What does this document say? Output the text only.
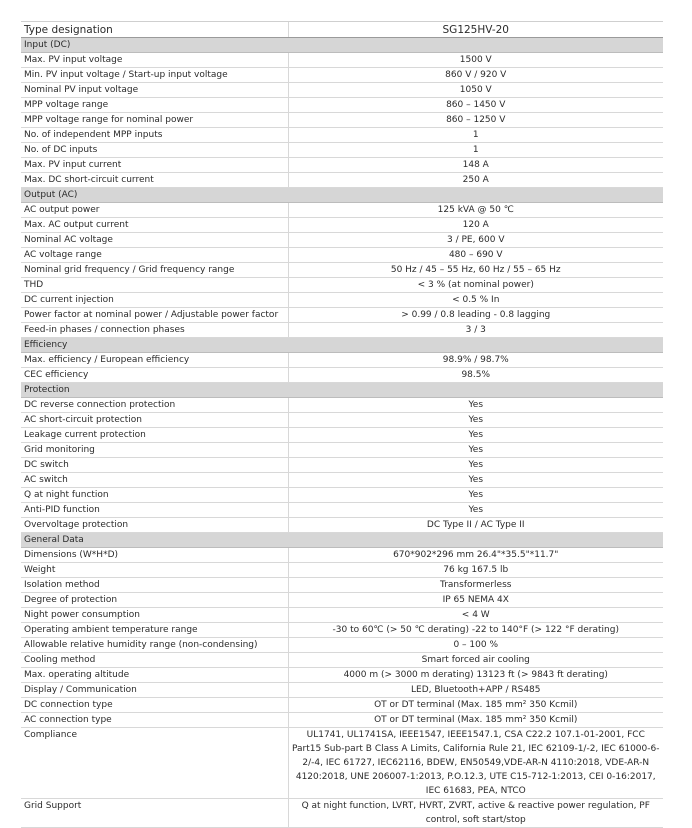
Type designation	SG125HV-20
Input (DC)	
Max. PV input voltage	1500 V
Min. PV input voltage / Start-up input voltage	860 V / 920 V
Nominal PV input voltage	1050 V
MPP voltage range	860 – 1450 V
MPP voltage range for nominal power	860 – 1250 V
No. of independent MPP inputs	1
No. of DC inputs	1
Max. PV input current	148 A
Max. DC short-circuit current	250 A
Output (AC)	
AC output power	125 kVA @ 50 ℃
Max. AC output current	120 A
Nominal AC voltage	3 / PE, 600 V
AC voltage range	480 – 690 V
Nominal grid frequency / Grid frequency range	50 Hz / 45 – 55 Hz, 60 Hz / 55 – 65 Hz
THD	< 3 % (at nominal power)
DC current injection	< 0.5 % In
Power factor at nominal power / Adjustable power factor	> 0.99 / 0.8 leading - 0.8 lagging
Feed-in phases / connection phases	3 / 3
Efficiency	
Max. efficiency / European efficiency	98.9% / 98.7%
CEC efficiency	98.5%
Protection	
DC reverse connection protection	Yes
AC short-circuit protection	Yes
Leakage current protection	Yes
Grid monitoring	Yes
DC switch	Yes
AC switch	Yes
Q at night function	Yes
Anti-PID function	Yes
Overvoltage protection	DC Type II / AC Type II
General Data	
Dimensions (W*H*D)	670*902*296 mm 26.4"*35.5"*11.7"
Weight	76 kg 167.5 lb
Isolation method	Transformerless
Degree of protection	IP 65 NEMA 4X
Night power consumption	< 4 W
Operating ambient temperature range	-30 to 60℃ (> 50 ℃ derating) -22 to 140°F (> 122 °F derating)
Allowable relative humidity range (non-condensing)	0 – 100 %
Cooling method	Smart forced air cooling
Max. operating altitude	4000 m (> 3000 m derating) 13123 ft (> 9843 ft derating)
Display / Communication	LED, Bluetooth+APP / RS485
DC connection type	OT or DT terminal (Max. 185 mm² 350 Kcmil)
AC connection type	OT or DT terminal (Max. 185 mm² 350 Kcmil)
Compliance	UL1741, UL1741SA, IEEE1547, IEEE1547.1, CSA C22.2 107.1-01-2001, FCC Part15 Sub-part B Class A Limits, California Rule 21, IEC 62109-1/-2, IEC 61000-6-2/-4, IEC 61727, IEC62116, BDEW, EN50549,VDE-AR-N 4110:2018, VDE-AR-N 4120:2018, UNE 206007-1:2013, P.O.12.3, UTE C15-712-1:2013, CEI 0-16:2017, IEC 61683, PEA, NTCO
Grid Support	Q at night function, LVRT, HVRT, ZVRT, active & reactive power regulation, PF control, soft start/stop
